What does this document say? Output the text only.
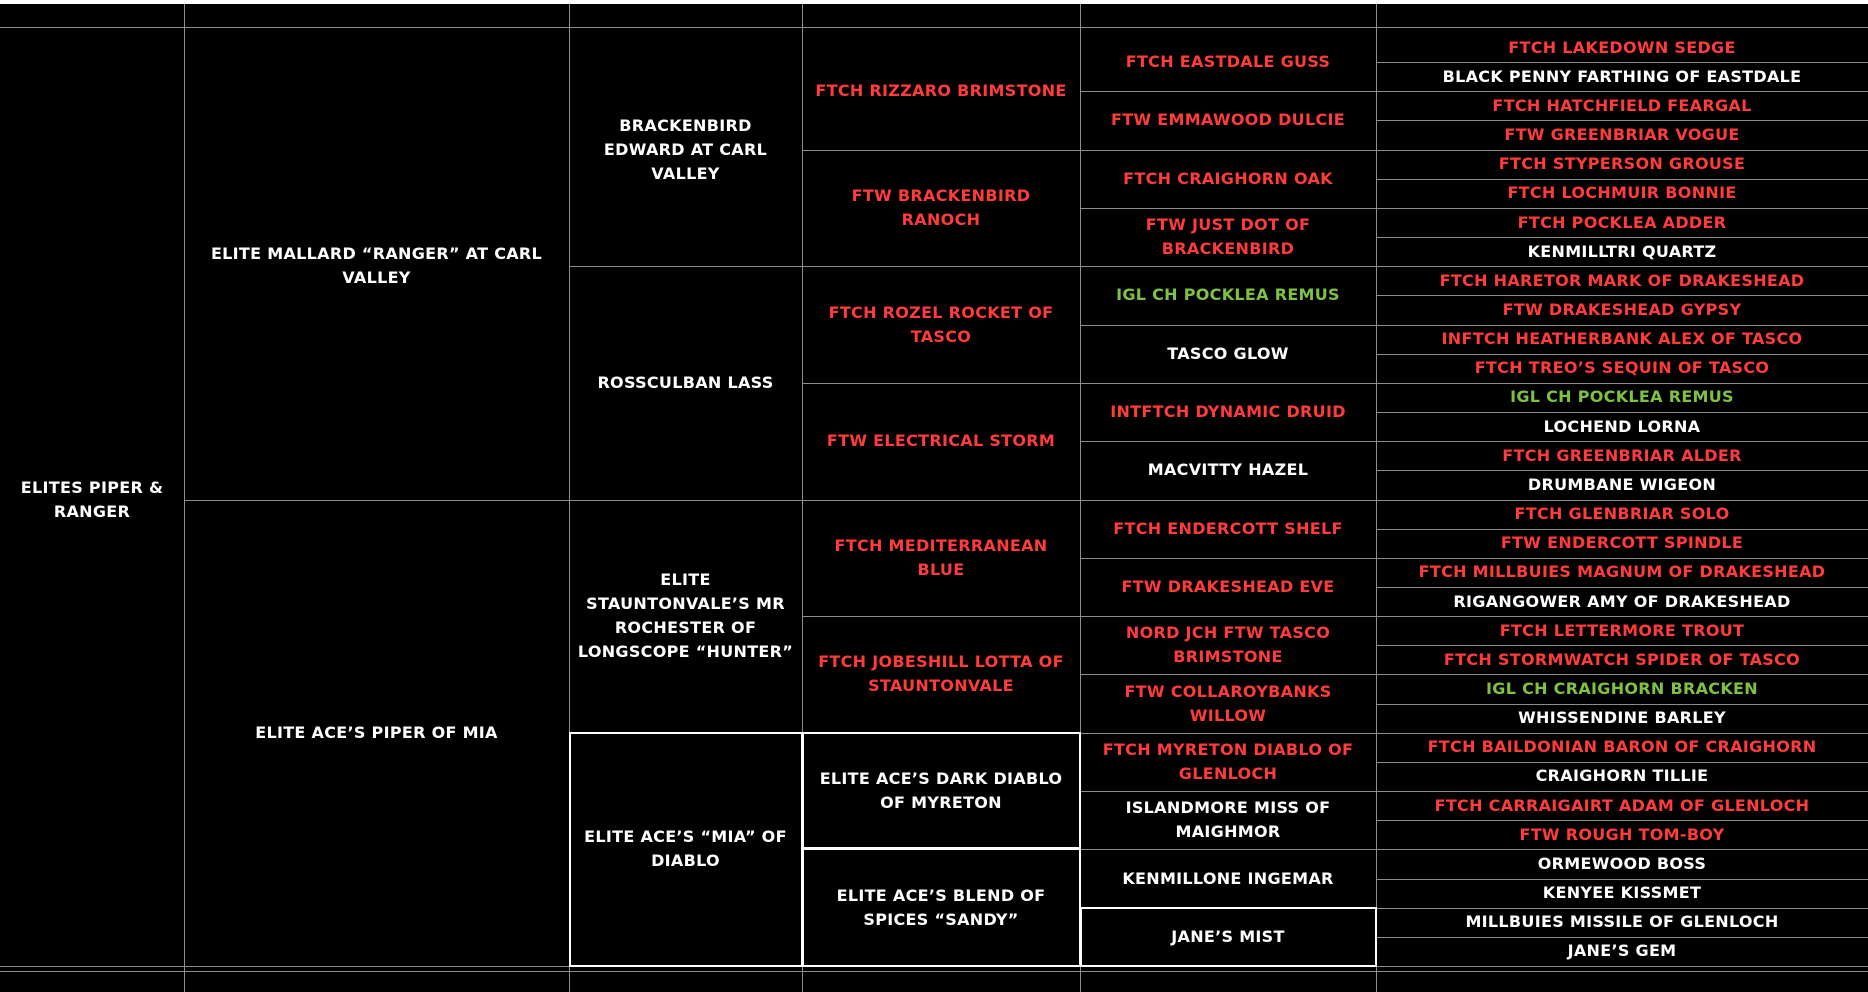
ELITES PIPER & RANGER
ELITE MALLARD “RANGER” AT CARL VALLEY
ELITE ACE’S PIPER OF MIA
BRACKENBIRD EDWARD AT CARL VALLEY
ROSSCULBAN LASS
ELITE STAUNTONVALE’S MR ROCHESTER OF LONGSCOPE “HUNTER”
ELITE ACE’S “MIA” OF DIABLO
FTCH RIZZARO BRIMSTONE
FTW BRACKENBIRD RANOCH
FTCH ROZEL ROCKET OF TASCO
FTW ELECTRICAL STORM
FTCH MEDITERRANEAN BLUE
FTCH JOBESHILL LOTTA OF STAUNTONVALE
ELITE ACE’S DARK DIABLO OF MYRETON
ELITE ACE’S BLEND OF SPICES “SANDY”
FTCH EASTDALE GUSS
FTW EMMAWOOD DULCIE
FTCH CRAIGHORN OAK
FTW JUST DOT OF BRACKENBIRD
IGL CH POCKLEA REMUS
TASCO GLOW
INTFTCH DYNAMIC DRUID
MACVITTY HAZEL
FTCH ENDERCOTT SHELF
FTW DRAKESHEAD EVE
NORD JCH FTW TASCO BRIMSTONE
FTW COLLAROYBANKS WILLOW
FTCH MYRETON DIABLO OF GLENLOCH
ISLANDMORE MISS OF MAIGHMOR
KENMILLONE INGEMAR
JANE’S MIST
FTCH LAKEDOWN SEDGE
BLACK PENNY FARTHING OF EASTDALE
FTCH HATCHFIELD FEARGAL
FTW GREENBRIAR VOGUE
FTCH STYPERSON GROUSE
FTCH LOCHMUIR BONNIE
FTCH POCKLEA ADDER
KENMILLTRI QUARTZ
FTCH HARETOR MARK OF DRAKESHEAD
FTW DRAKESHEAD GYPSY
INFTCH HEATHERBANK ALEX OF TASCO
FTCH TREO’S SEQUIN OF TASCO
IGL CH POCKLEA REMUS
LOCHEND LORNA
FTCH GREENBRIAR ALDER
DRUMBANE WIGEON
FTCH GLENBRIAR SOLO
FTW ENDERCOTT SPINDLE
FTCH MILLBUIES MAGNUM OF DRAKESHEAD
RIGANGOWER AMY OF DRAKESHEAD
FTCH LETTERMORE TROUT
FTCH STORMWATCH SPIDER OF TASCO
IGL CH CRAIGHORN BRACKEN
WHISSENDINE BARLEY
FTCH BAILDONIAN BARON OF CRAIGHORN
CRAIGHORN TILLIE
FTCH CARRAIGAIRT ADAM OF GLENLOCH
FTW ROUGH TOM-BOY
ORMEWOOD BOSS
KENYEE KISSMET
MILLBUIES MISSILE OF GLENLOCH
JANE’S GEM
